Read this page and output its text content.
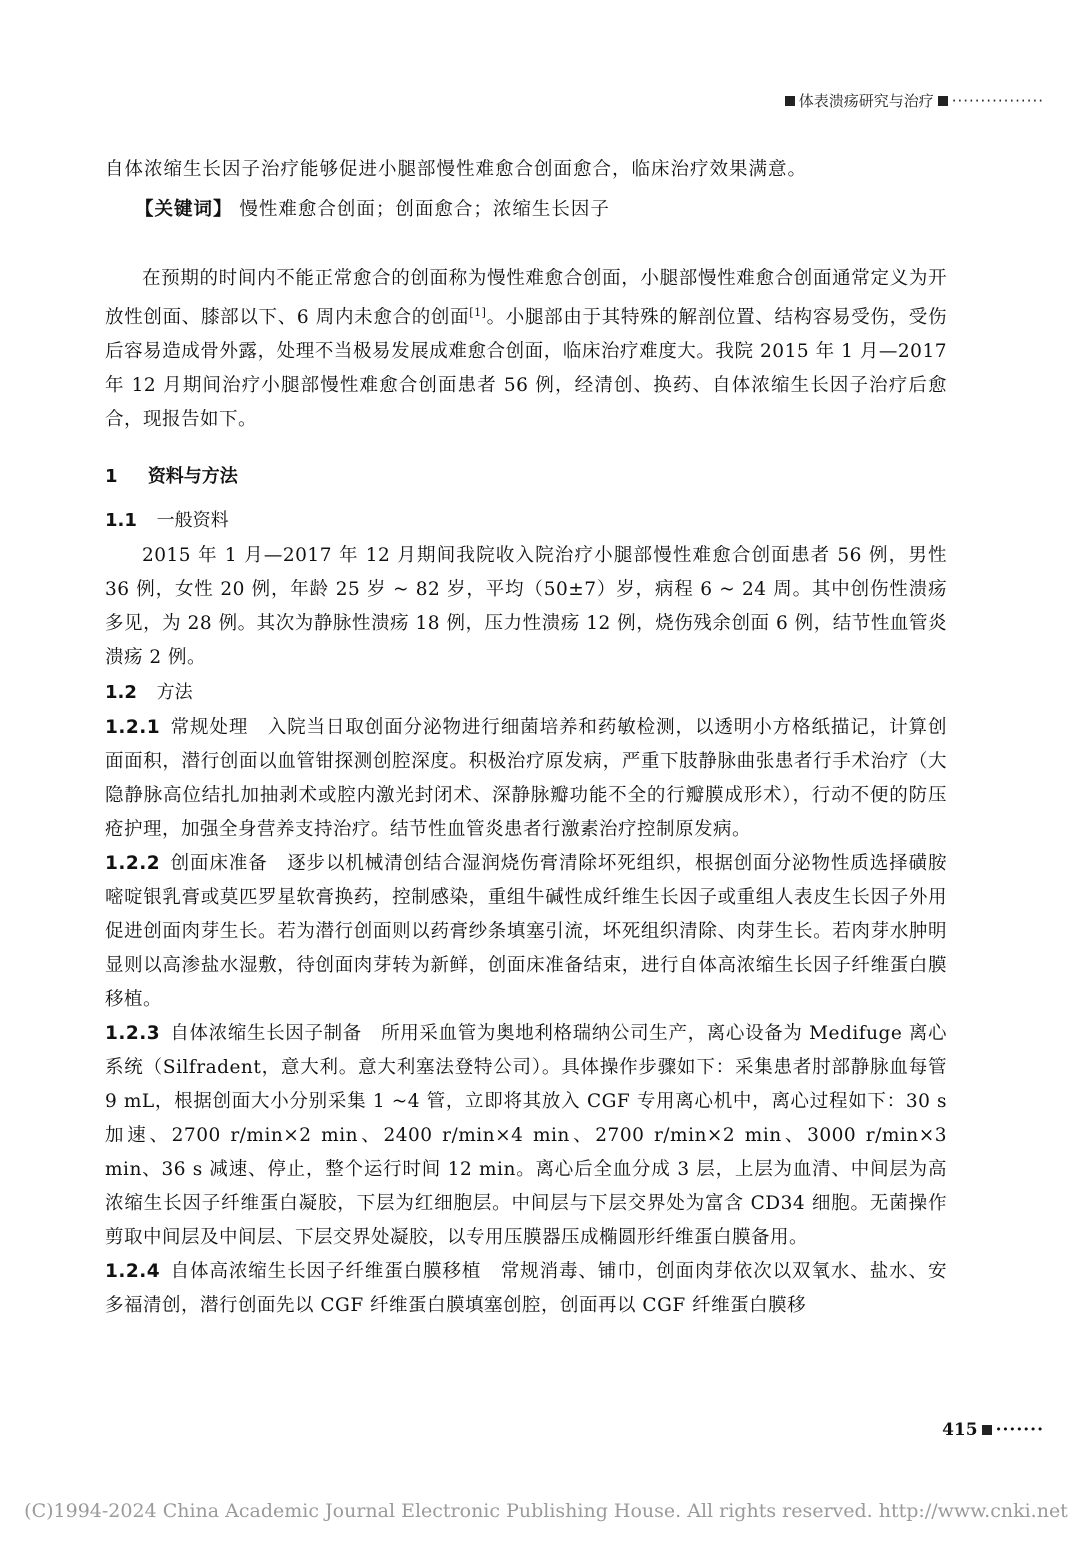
体表溃疡研究与治疗 ················
自体浓缩生长因子治疗能够促进小腿部慢性难愈合创面愈合，临床治疗效果满意。
【关键词】 慢性难愈合创面；创面愈合；浓缩生长因子

在预期的时间内不能正常愈合的创面称为慢性难愈合创面，小腿部慢性难愈合创面通常定义为开放性创面、膝部以下、6 周内未愈合的创面[1]。小腿部由于其特殊的解剖位置、结构容易受伤，受伤后容易造成骨外露，处理不当极易发展成难愈合创面，临床治疗难度大。我院 2015 年 1 月—2017 年 12 月期间治疗小腿部慢性难愈合创面患者 56 例，经清创、换药、自体浓缩生长因子治疗后愈合，现报告如下。

1 资料与方法
1.1 一般资料

2015 年 1 月—2017 年 12 月期间我院收入院治疗小腿部慢性难愈合创面患者 56 例，男性 36 例，女性 20 例，年龄 25 岁 ~ 82 岁，平均（50±7）岁，病程 6 ~ 24 周。其中创伤性溃疡多见，为 28 例。其次为静脉性溃疡 18 例，压力性溃疡 12 例，烧伤残余创面 6 例，结节性血管炎溃疡 2 例。

1.2 方法

1.2.1 常规处理　 入院当日取创面分泌物进行细菌培养和药敏检测，以透明小方格纸描记，计算创面面积，潜行创面以血管钳探测创腔深度。积极治疗原发病，严重下肢静脉曲张患者行手术治疗（大隐静脉高位结扎加抽剥术或腔内激光封闭术、深静脉瓣功能不全的行瓣膜成形术），行动不便的防压疮护理，加强全身营养支持治疗。结节性血管炎患者行激素治疗控制原发病。

1.2.2 创面床准备　 逐步以机械清创结合湿润烧伤膏清除坏死组织，根据创面分泌物性质选择磺胺嘧啶银乳膏或莫匹罗星软膏换药，控制感染，重组牛碱性成纤维生长因子或重组人表皮生长因子外用促进创面肉芽生长。若为潜行创面则以药膏纱条填塞引流，坏死组织清除、肉芽生长。若肉芽水肿明显则以高渗盐水湿敷，待创面肉芽转为新鲜，创面床准备结束，进行自体高浓缩生长因子纤维蛋白膜移植。

1.2.3 自体浓缩生长因子制备　 所用采血管为奥地利格瑞纳公司生产，离心设备为 Medifuge 离心系统（Silfradent，意大利。意大利塞法登特公司）。具体操作步骤如下：采集患者肘部静脉血每管 9 mL，根据创面大小分别采集 1 ~4 管，立即将其放入 CGF 专用离心机中，离心过程如下：30 s 加速、2700 r/min×2 min、2400 r/min×4 min、2700 r/min×2 min、3000 r/min×3 min、36 s 减速、停止，整个运行时间 12 min。离心后全血分成 3 层，上层为血清、中间层为高浓缩生长因子纤维蛋白凝胶，下层为红细胞层。中间层与下层交界处为富含 CD34 细胞。无菌操作剪取中间层及中间层、下层交界处凝胶，以专用压膜器压成椭圆形纤维蛋白膜备用。

1.2.4 自体高浓缩生长因子纤维蛋白膜移植　 常规消毒、铺巾，创面肉芽依次以双氧水、盐水、安多福清创，潜行创面先以 CGF 纤维蛋白膜填塞创腔，创面再以 CGF 纤维蛋白膜移

415 ·······
(C)1994-2024 China Academic Journal Electronic Publishing House. All rights reserved. http://www.cnki.net
